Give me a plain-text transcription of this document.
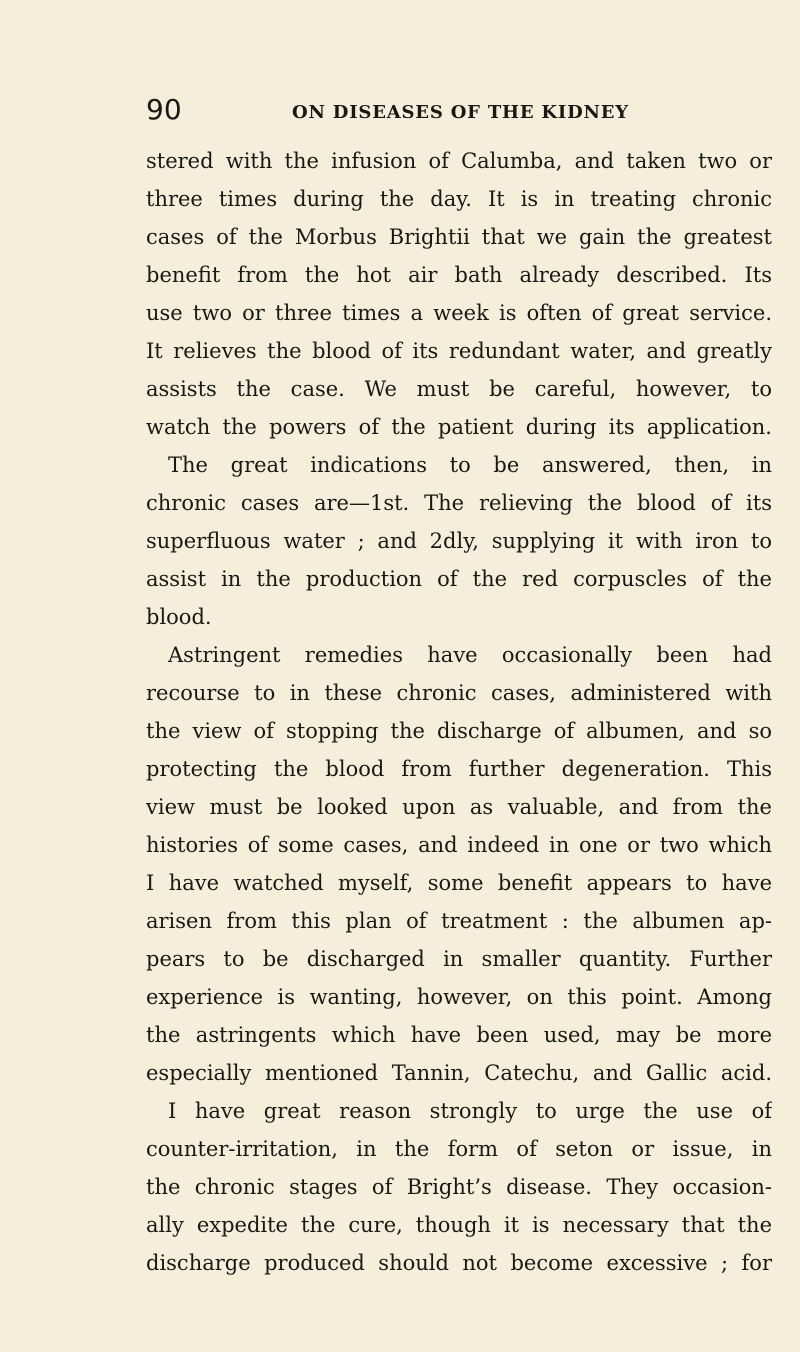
90	ON DISEASES OF THE KIDNEY
stered with the infusion of Calumba, and taken two or
three times during the day. It is in treating chronic
cases of the Morbus Brightii that we gain the greatest
benefit from the hot air bath already described. Its
use two or three times a week is often of great service.
It relieves the blood of its redundant water, and greatly
assists the case. We must be careful, however, to
watch the powers of the patient during its application.
The great indications to be answered, then, in
chronic cases are—1st. The relieving the blood of its
superfluous water ; and 2dly, supplying it with iron to
assist in the production of the red corpuscles of the
blood.
Astringent remedies have occasionally been had
recourse to in these chronic cases, administered with
the view of stopping the discharge of albumen, and so
protecting the blood from further degeneration. This
view must be looked upon as valuable, and from the
histories of some cases, and indeed in one or two which
I have watched myself, some benefit appears to have
arisen from this plan of treatment : the albumen ap-
pears to be discharged in smaller quantity. Further
experience is wanting, however, on this point. Among
the astringents which have been used, may be more
especially mentioned Tannin, Catechu, and Gallic acid.
I have great reason strongly to urge the use of
counter-irritation, in the form of seton or issue, in
the chronic stages of Bright’s disease. They occasion-
ally expedite the cure, though it is necessary that the
discharge produced should not become excessive ; for
